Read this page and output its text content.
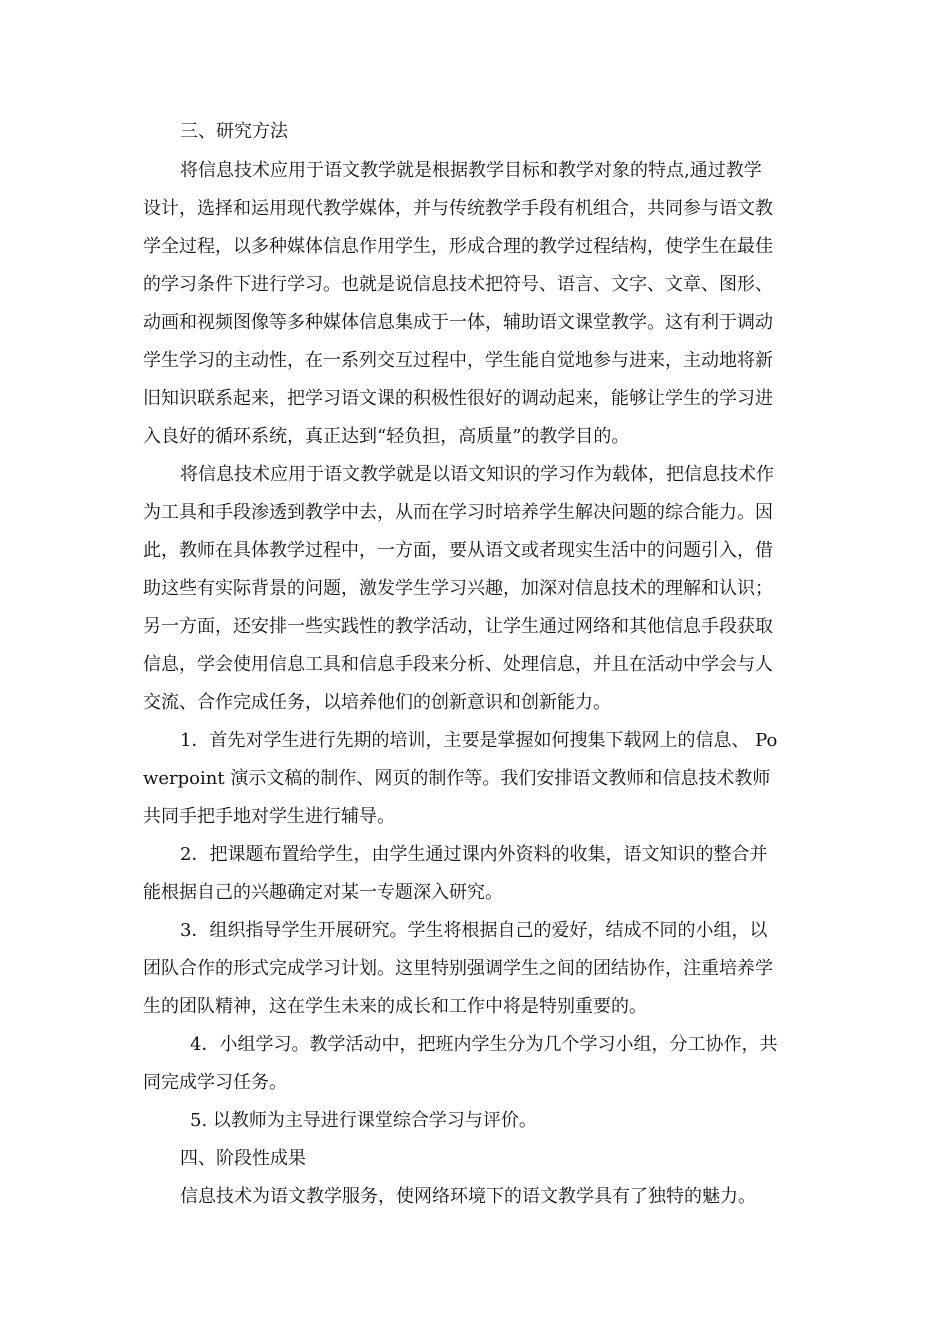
三、研究方法
将信息技术应用于语文教学就是根据教学目标和教学对象的特点,通过教学
设计，选择和运用现代教学媒体，并与传统教学手段有机组合，共同参与语文教
学全过程，以多种媒体信息作用学生，形成合理的教学过程结构，使学生在最佳
的学习条件下进行学习。也就是说信息技术把符号、语言、文字、文章、图形、
动画和视频图像等多种媒体信息集成于一体，辅助语文课堂教学。这有利于调动
学生学习的主动性，在一系列交互过程中，学生能自觉地参与进来，主动地将新
旧知识联系起来，把学习语文课的积极性很好的调动起来，能够让学生的学习进
入良好的循环系统，真正达到“轻负担，高质量”的教学目的。
将信息技术应用于语文教学就是以语文知识的学习作为载体，把信息技术作
为工具和手段渗透到教学中去，从而在学习时培养学生解决问题的综合能力。因
此，教师在具体教学过程中，一方面，要从语文或者现实生活中的问题引入，借
助这些有实际背景的问题，激发学生学习兴趣，加深对信息技术的理解和认识；
另一方面，还安排一些实践性的教学活动，让学生通过网络和其他信息手段获取
信息，学会使用信息工具和信息手段来分析、处理信息，并且在活动中学会与人
交流、合作完成任务，以培养他们的创新意识和创新能力。
1．首先对学生进行先期的培训，主要是掌握如何搜集下载网上的信息、 Po
werpoint 演示文稿的制作、网页的制作等。我们安排语文教师和信息技术教师
共同手把手地对学生进行辅导。
2．把课题布置给学生，由学生通过课内外资料的收集，语文知识的整合并
能根据自己的兴趣确定对某一专题深入研究。
3．组织指导学生开展研究。学生将根据自己的爱好，结成不同的小组，以
团队合作的形式完成学习计划。这里特别强调学生之间的团结协作，注重培养学
生的团队精神，这在学生未来的成长和工作中将是特别重要的。
4．小组学习。教学活动中，把班内学生分为几个学习小组，分工协作，共
同完成学习任务。
5. 以教师为主导进行课堂综合学习与评价。
四、阶段性成果
信息技术为语文教学服务，使网络环境下的语文教学具有了独特的魅力。
